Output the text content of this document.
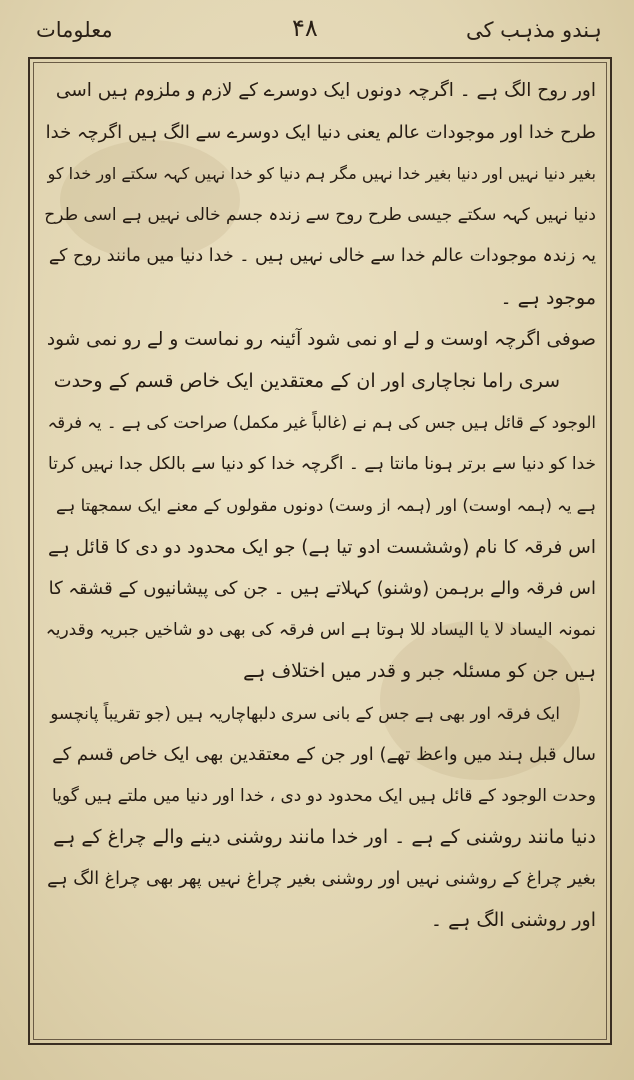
ہندو مذہب کی
۴۸
معلومات
اور روح الگ ہے ۔ اگرچہ دونوں ایک دوسرے کے لازم و ملزوم ہیں اسی
طرح خدا اور موجودات عالم یعنی دنیا ایک دوسرے سے الگ ہیں اگرچہ خدا
بغیر دنیا نہیں اور دنیا بغیر خدا نہیں مگر ہم دنیا کو خدا نہیں کہہ سکتے اور خدا کو
دنیا نہیں کہہ سکتے جیسی طرح روح سے زندہ جسم خالی نہیں ہے اسی طرح
یہ زندہ موجودات عالم خدا سے خالی نہیں ہیں ۔ خدا دنیا میں مانند روح کے
موجود ہے ۔
صوفی اگرچہ اوست و لے او نمی شود آئینہ رو نماست و لے رو نمی شود
سری راما نجاچاری اور ان کے معتقدین ایک خاص قسم کے وحدت
الوجود کے قائل ہیں جس کی ہم نے (غالباً غیر مکمل) صراحت کی ہے ۔ یہ فرقہ
خدا کو دنیا سے برتر ہونا مانتا ہے ۔ اگرچہ خدا کو دنیا سے بالکل جدا نہیں کرتا
ہے یہ (ہمہ اوست) اور (ہمہ از وست) دونوں مقولوں کے معنے ایک سمجھتا ہے
اس فرقہ کا نام (وششست ادو تیا ہے) جو ایک محدود دو دی کا قائل ہے
اس فرقہ والے برہمن (وشنو) کہلاتے ہیں ۔ جن کی پیشانیوں کے قشقہ کا
نمونہ الیساد لا یا الیساد للا ہوتا ہے اس فرقہ کی بھی دو شاخیں جبریہ وقدریہ
ہیں جن کو مسئلہ جبر و قدر میں اختلاف ہے
ایک فرقہ اور بھی ہے جس کے بانی سری دلبھاچاریہ ہیں (جو تقریباً پانچسو
سال قبل ہند میں واعظ تھے) اور جن کے معتقدین بھی ایک خاص قسم کے
وحدت الوجود کے قائل ہیں ایک محدود دو دی ، خدا اور دنیا میں ملتے ہیں گویا
دنیا مانند روشنی کے ہے ۔ اور خدا مانند روشنی دینے والے چراغ کے ہے
بغیر چراغ کے روشنی نہیں اور روشنی بغیر چراغ نہیں پھر بھی چراغ الگ ہے
اور روشنی الگ ہے ۔
